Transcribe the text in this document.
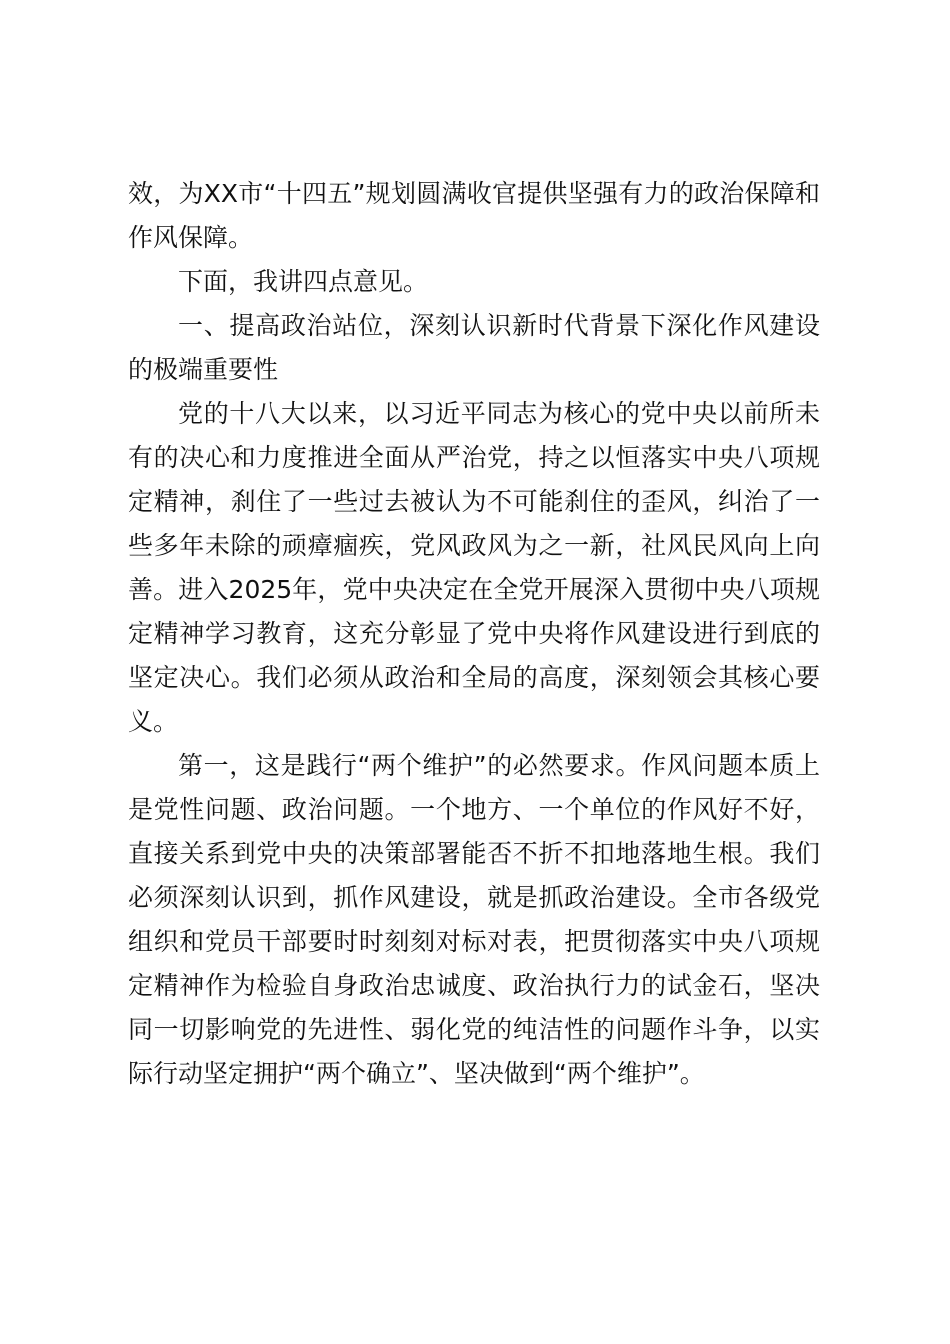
效，为XX市“十四五”规划圆满收官提供坚强有力的政治保障和作风保障。

下面，我讲四点意见。

一、提高政治站位，深刻认识新时代背景下深化作风建设的极端重要性

党的十八大以来，以习近平同志为核心的党中央以前所未有的决心和力度推进全面从严治党，持之以恒落实中央八项规定精神，刹住了一些过去被认为不可能刹住的歪风，纠治了一些多年未除的顽瘴痼疾，党风政风为之一新，社风民风向上向善。进入2025年，党中央决定在全党开展深入贯彻中央八项规定精神学习教育，这充分彰显了党中央将作风建设进行到底的坚定决心。我们必须从政治和全局的高度，深刻领会其核心要义。

第一，这是践行“两个维护”的必然要求。作风问题本质上是党性问题、政治问题。一个地方、一个单位的作风好不好，直接关系到党中央的决策部署能否不折不扣地落地生根。我们必须深刻认识到，抓作风建设，就是抓政治建设。全市各级党组织和党员干部要时时刻刻对标对表，把贯彻落实中央八项规定精神作为检验自身政治忠诚度、政治执行力的试金石，坚决同一切影响党的先进性、弱化党的纯洁性的问题作斗争，以实际行动坚定拥护“两个确立”、坚决做到“两个维护”。
